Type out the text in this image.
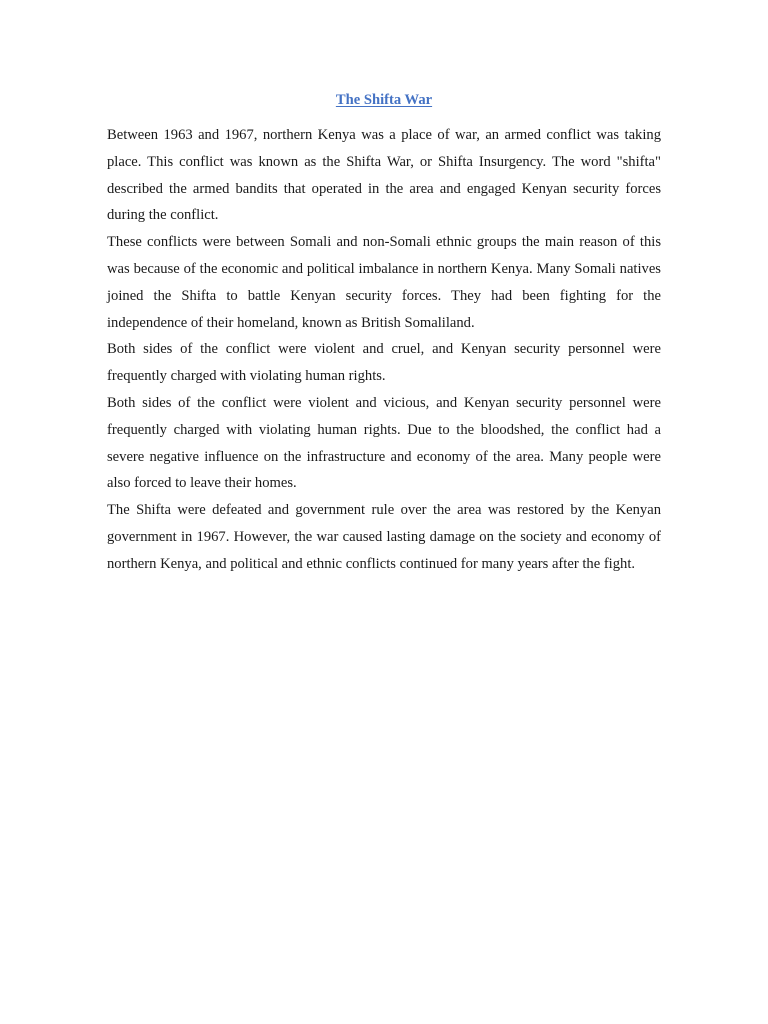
The Shifta War

Between 1963 and 1967, northern Kenya was a place of war, an armed conflict was taking place. This conflict was known as the Shifta War, or Shifta Insurgency. The word "shifta" described the armed bandits that operated in the area and engaged Kenyan security forces during the conflict.

These conflicts were between Somali and non-Somali ethnic groups the main reason of this was because of the economic and political imbalance in northern Kenya. Many Somali natives joined the Shifta to battle Kenyan security forces. They had been fighting for the independence of their homeland, known as British Somaliland.

Both sides of the conflict were violent and cruel, and Kenyan security personnel were frequently charged with violating human rights.

Both sides of the conflict were violent and vicious, and Kenyan security personnel were frequently charged with violating human rights. Due to the bloodshed, the conflict had a severe negative influence on the infrastructure and economy of the area. Many people were also forced to leave their homes.

The Shifta were defeated and government rule over the area was restored by the Kenyan government in 1967. However, the war caused lasting damage on the society and economy of northern Kenya, and political and ethnic conflicts continued for many years after the fight.
